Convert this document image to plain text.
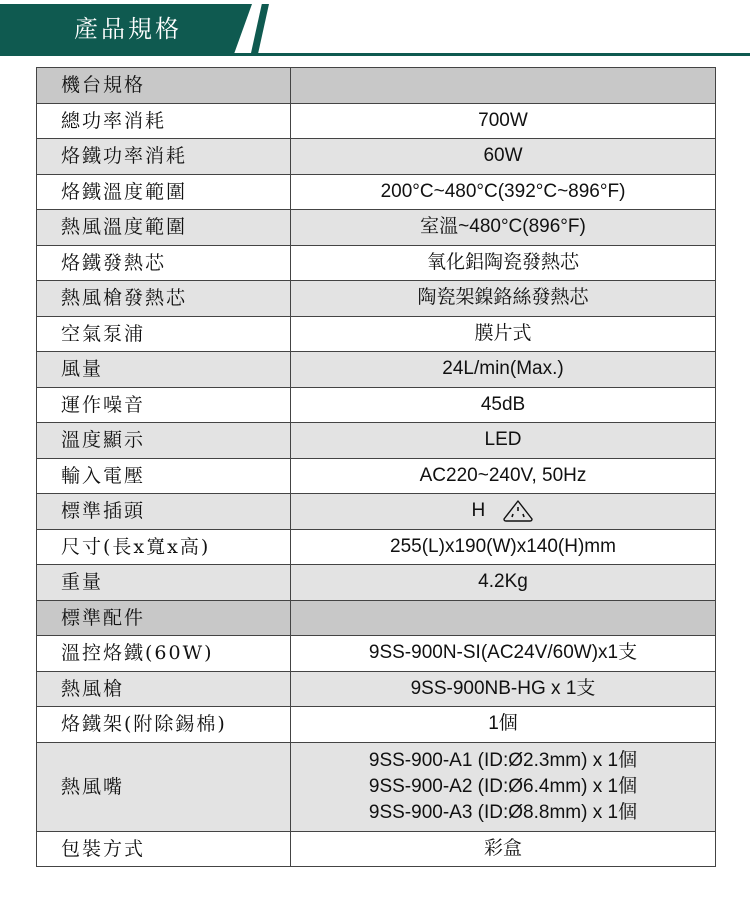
產品規格
機台規格	
總功率消耗	700W
烙鐵功率消耗	60W
烙鐵溫度範圍	200°C~480°C(392°C~896°F)
熱風溫度範圍	室溫~480°C(896°F)
烙鐵發熱芯	氧化鋁陶瓷發熱芯
熱風槍發熱芯	陶瓷架鎳鉻絲發熱芯
空氣泵浦	膜片式
風量	24L/min(Max.)
運作噪音	45dB
溫度顯示	LED
輸入電壓	AC220~240V, 50Hz
標準插頭	H
尺寸(長x寬x高)	255(L)x190(W)x140(H)mm
重量	4.2Kg
標準配件	
溫控烙鐵(60W)	9SS-900N-SI(AC24V/60W)x1支
熱風槍	9SS-900NB-HG x 1支
烙鐵架(附除錫棉)	1個
熱風嘴	9SS-900-A1 (ID:Ø2.3mm) x 1個
9SS-900-A2 (ID:Ø6.4mm) x 1個
9SS-900-A3 (ID:Ø8.8mm) x 1個

包裝方式	彩盒
